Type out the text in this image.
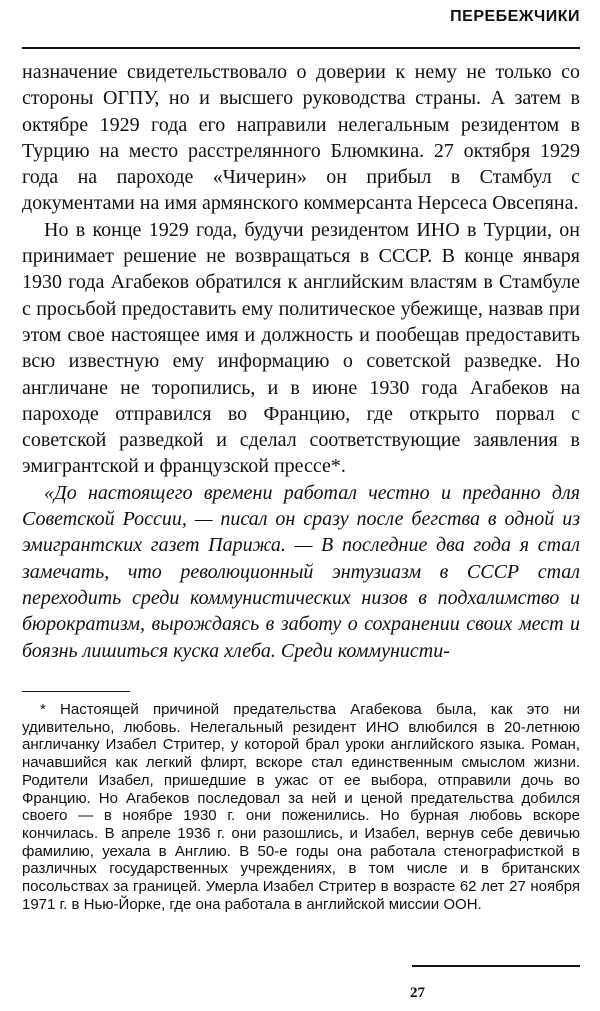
ПЕРЕБЕЖЧИКИ

назначение свидетельствовало о доверии к нему не только со стороны ОГПУ, но и высшего руководства страны. А затем в октябре 1929 года его направили нелегальным резидентом в Турцию на место расстрелянного Блюмкина. 27 октября 1929 года на пароходе «Чичерин» он прибыл в Стамбул с документами на имя армянского коммерсанта Нерсеса Овсепяна.

Но в конце 1929 года, будучи резидентом ИНО в Турции, он принимает решение не возвращаться в СССР. В конце января 1930 года Агабеков обратился к английским властям в Стамбуле с просьбой предоставить ему политическое убежище, назвав при этом свое настоящее имя и должность и пообещав предоставить всю известную ему информацию о советской разведке. Но англичане не торопились, и в июне 1930 года Агабеков на пароходе отправился во Францию, где открыто порвал с советской разведкой и сделал соответствующие заявления в эмигрантской и французской прессе*.

«До настоящего времени работал честно и преданно для Советской России, — писал он сразу после бегства в одной из эмигрантских газет Парижа. — В последние два года я стал замечать, что революционный энтузиазм в СССР стал переходить среди коммунистических низов в подхалимство и бюрократизм, вырождаясь в заботу о сохранении своих мест и боязнь лишиться куска хлеба. Среди коммунисти-

* Настоящей причиной предательства Агабекова была, как это ни удивительно, любовь. Нелегальный резидент ИНО влюбился в 20-летнюю англичанку Изабел Стритер, у которой брал уроки английского языка. Роман, начавшийся как легкий флирт, вскоре стал единственным смыслом жизни. Родители Изабел, пришедшие в ужас от ее выбора, отправили дочь во Францию. Но Агабеков последовал за ней и ценой предательства добился своего — в ноябре 1930 г. они поженились. Но бурная любовь вскоре кончилась. В апреле 1936 г. они разошлись, и Изабел, вернув себе девичью фамилию, уехала в Англию. В 50-е годы она работала стенографисткой в различных государственных учреждениях, в том числе и в британских посольствах за границей. Умерла Изабел Стритер в возрасте 62 лет 27 ноября 1971 г. в Нью-Йорке, где она работала в английской миссии ООН.

27
